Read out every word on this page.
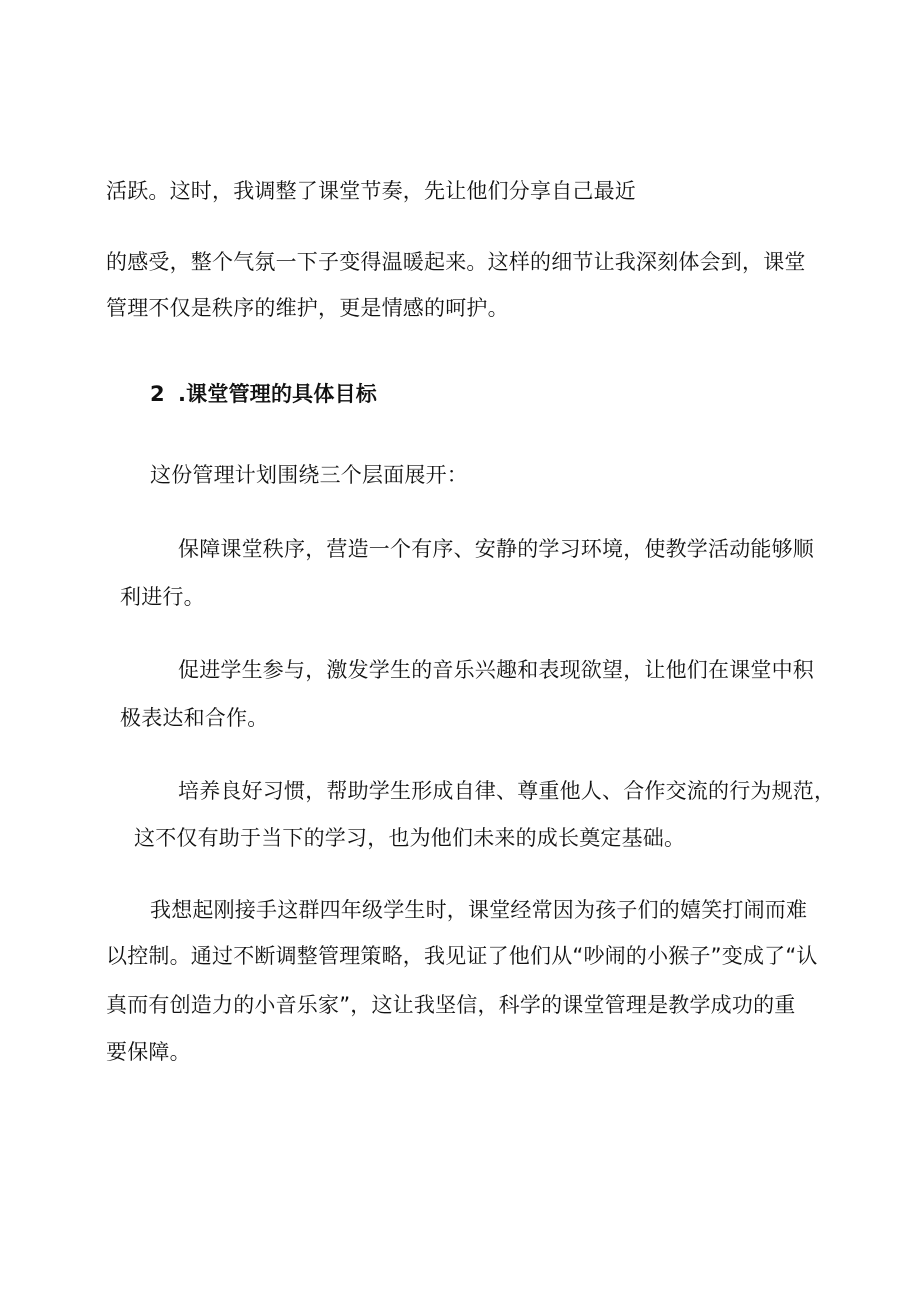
活跃。这时，我调整了课堂节奏，先让他们分享自己最近
的感受，整个气氛一下子变得温暖起来。这样的细节让我深刻体会到，课堂
管理不仅是秩序的维护，更是情感的呵护。
2 .课堂管理的具体目标
这份管理计划围绕三个层面展开：
保障课堂秩序，营造一个有序、安静的学习环境，使教学活动能够顺
利进行。
促进学生参与，激发学生的音乐兴趣和表现欲望，让他们在课堂中积
极表达和合作。
培养良好习惯，帮助学生形成自律、尊重他人、合作交流的行为规范，
这不仅有助于当下的学习，也为他们未来的成长奠定基础。
我想起刚接手这群四年级学生时，课堂经常因为孩子们的嬉笑打闹而难
以控制。通过不断调整管理策略，我见证了他们从“吵闹的小猴子”变成了“认
真而有创造力的小音乐家”，这让我坚信，科学的课堂管理是教学成功的重
要保障。
